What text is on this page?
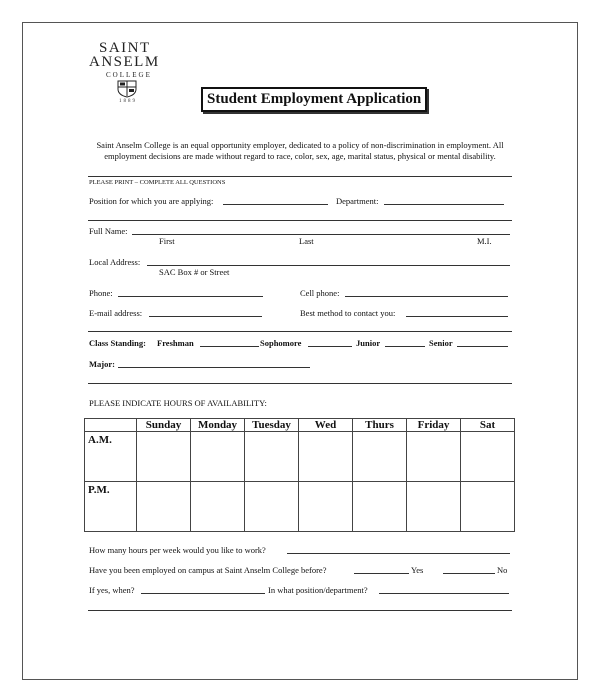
SAINT
ANSELM
COLLEGE
1889	Student Employment Application
Saint Anselm College is an equal opportunity employer, dedicated to a policy of non-discrimination in employment. All employment decisions are made without regard to race, color, sex, age, marital status, physical or mental disability.
PLEASE PRINT – COMPLETE ALL QUESTIONS
Position for which you are applying:	Department:
Full Name:
First	Last	M.I.
Local Address:
SAC Box # or Street
Phone:	Cell phone:
E-mail address:	Best method to contact you:
Class Standing: Freshman	Sophomore	Junior	Senior
Major:
PLEASE INDICATE HOURS OF AVAILABILITY:
	Sunday	Monday	Tuesday	Wed	Thurs	Friday	Sat
A.M.							
P.M.							
How many hours per week would you like to work?
Have you been employed on campus at Saint Anselm College before?	Yes	No
If yes, when?	In what position/department?
